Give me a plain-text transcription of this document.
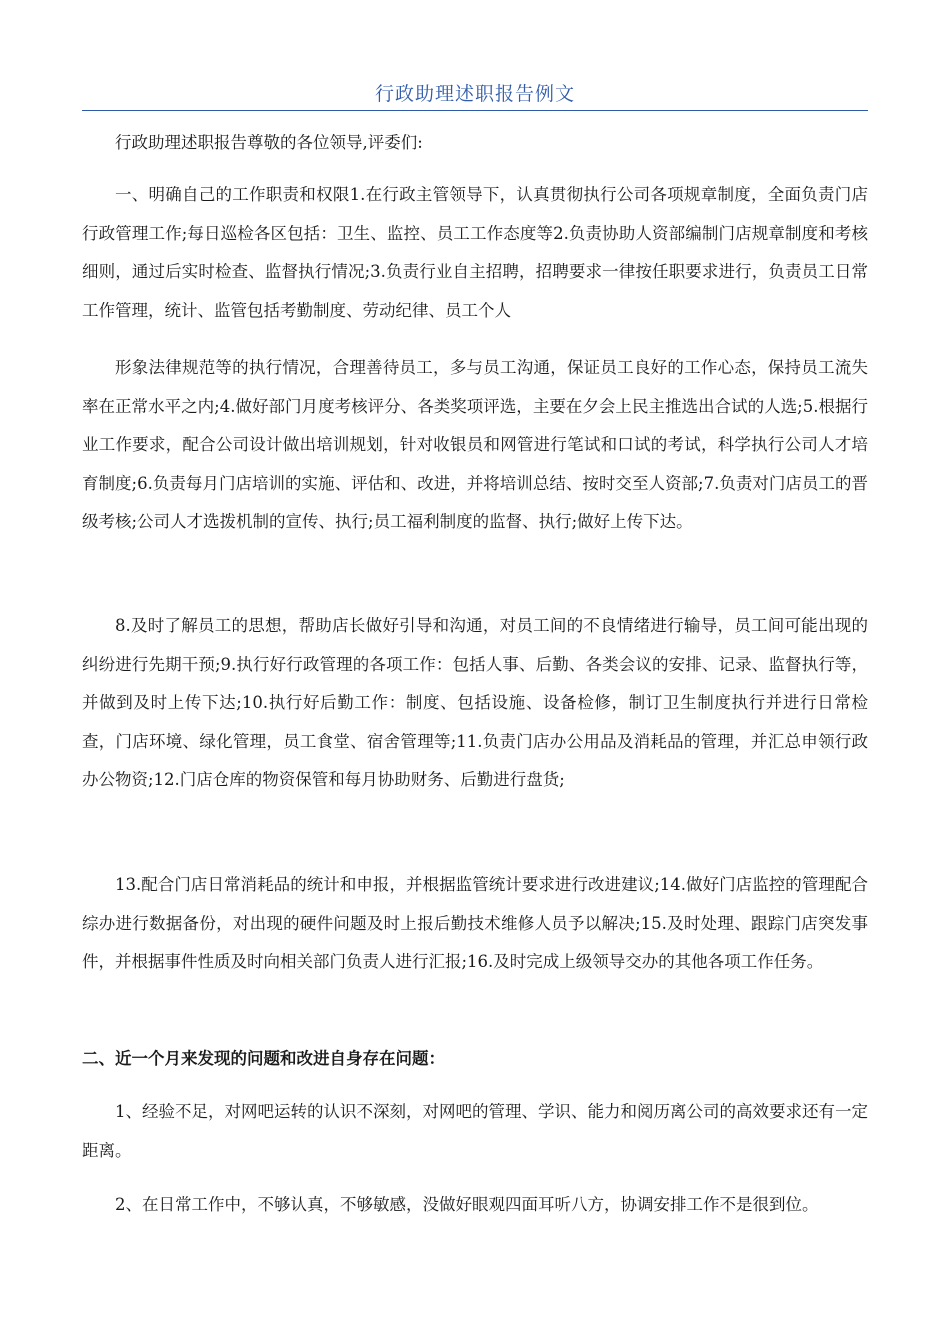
行政助理述职报告例文

行政助理述职报告尊敬的各位领导,评委们:

一、明确自己的工作职责和权限1.在行政主管领导下，认真贯彻执行公司各项规章制度，全面负责门店行政管理工作;每日巡检各区包括：卫生、监控、员工工作态度等2.负责协助人资部编制门店规章制度和考核细则，通过后实时检查、监督执行情况;3.负责行业自主招聘，招聘要求一律按任职要求进行，负责员工日常工作管理，统计、监管包括考勤制度、劳动纪律、员工个人

形象法律规范等的执行情况，合理善待员工，多与员工沟通，保证员工良好的工作心态，保持员工流失率在正常水平之内;4.做好部门月度考核评分、各类奖项评选，主要在夕会上民主推选出合试的人选;5.根据行业工作要求，配合公司设计做出培训规划，针对收银员和网管进行笔试和口试的考试，科学执行公司人才培育制度;6.负责每月门店培训的实施、评估和、改进，并将培训总结、按时交至人资部;7.负责对门店员工的晋级考核;公司人才选拨机制的宣传、执行;员工福利制度的监督、执行;做好上传下达。

8.及时了解员工的思想，帮助店长做好引导和沟通，对员工间的不良情绪进行输导，员工间可能出现的纠纷进行先期干预;9.执行好行政管理的各项工作：包括人事、后勤、各类会议的安排、记录、监督执行等，并做到及时上传下达;10.执行好后勤工作：制度、包括设施、设备检修，制订卫生制度执行并进行日常检查，门店环境、绿化管理，员工食堂、宿舍管理等;11.负责门店办公用品及消耗品的管理，并汇总申领行政办公物资;12.门店仓库的物资保管和每月协助财务、后勤进行盘货;

13.配合门店日常消耗品的统计和申报，并根据监管统计要求进行改进建议;14.做好门店监控的管理配合综办进行数据备份，对出现的硬件问题及时上报后勤技术维修人员予以解决;15.及时处理、跟踪门店突发事件，并根据事件性质及时向相关部门负责人进行汇报;16.及时完成上级领导交办的其他各项工作任务。

二、近一个月来发现的问题和改进自身存在问题：

1、经验不足，对网吧运转的认识不深刻，对网吧的管理、学识、能力和阅历离公司的高效要求还有一定距离。

2、在日常工作中，不够认真，不够敏感，没做好眼观四面耳听八方，协调安排工作不是很到位。
